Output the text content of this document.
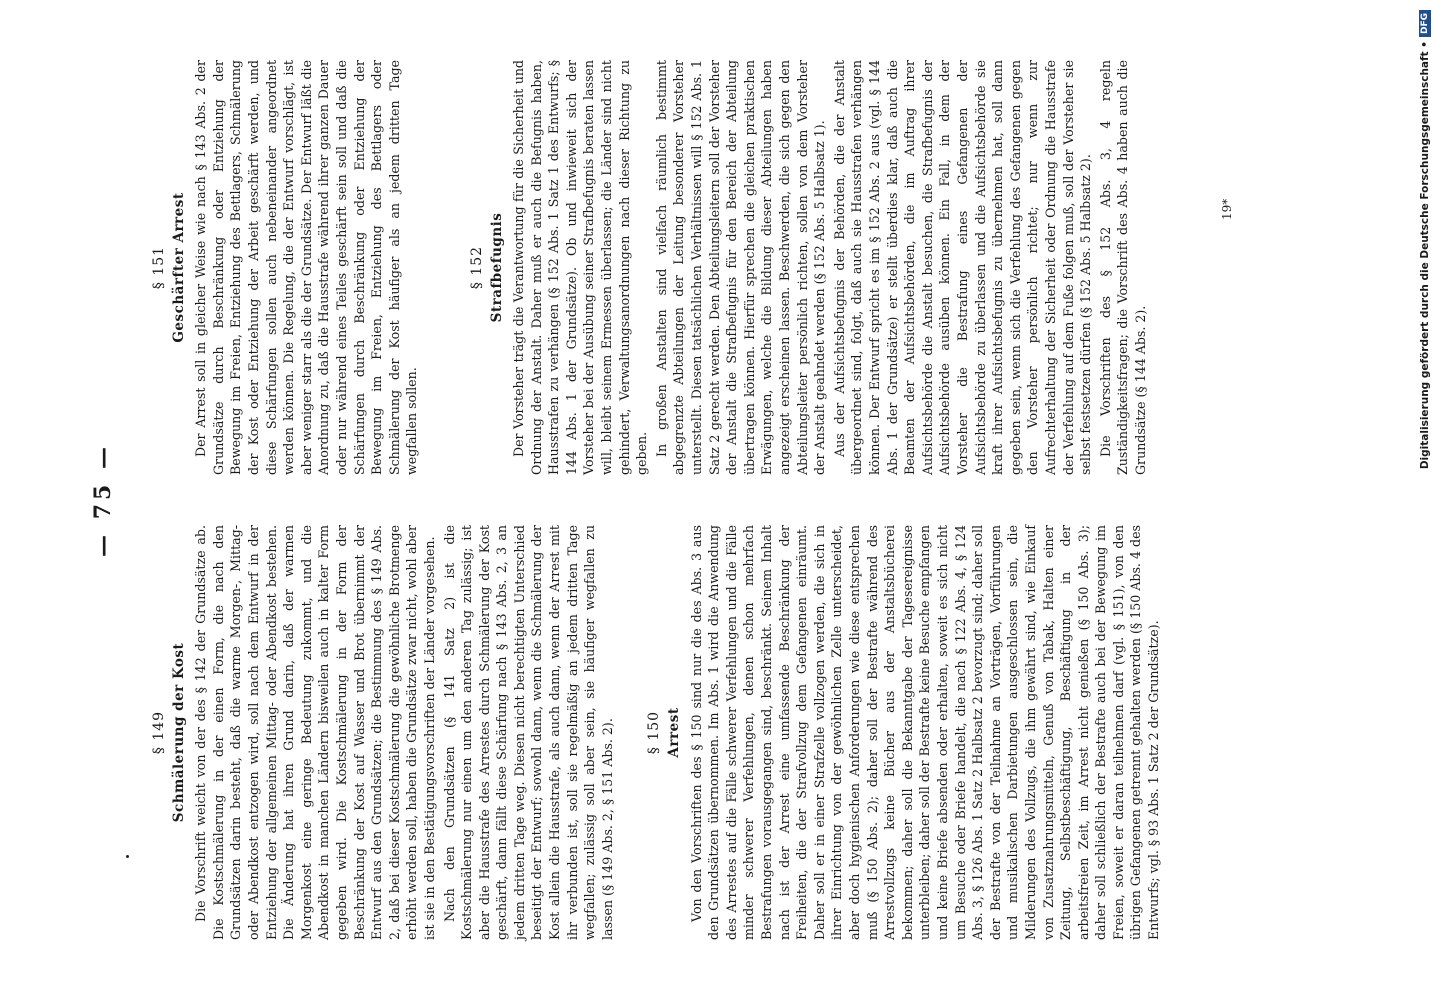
— 75 —
§ 149 Schmälerung der Kost Die Vorschrift weicht von der des § 142 der Grundsätze ab. Die Kostschmälerung in der einen Form, die nach den Grundsätzen darin besteht, daß die warme Morgen-, Mittag- oder Abendkost entzogen wird, soll nach dem Entwurf in der Entziehung der allgemeinen Mittag- oder Abendkost bestehen. Die Änderung hat ihren Grund darin, daß der warmen Morgenkost eine geringe Bedeutung zukommt, und die Abendkost in manchen Ländern bisweilen auch in kalter Form gegeben wird. Die Kostschmälerung in der Form der Beschränkung der Kost auf Wasser und Brot übernimmt der Entwurf aus den Grundsätzen; die Bestimmung des § 149 Abs. 2, daß bei dieser Kostschmälerung die gewöhnliche Brotmenge erhöht werden soll, haben die Grundsätze zwar nicht, wohl aber ist sie in den Bestätigungsvorschriften der Länder vorgesehen. Nach den Grundsätzen (§ 141 Satz 2) ist die Kostschmälerung nur einen um den anderen Tag zulässig; ist aber die Hausstrafe des Arrestes durch Schmälerung der Kost geschärft, dann fällt diese Schärfung nach § 143 Abs. 2, 3 an jedem dritten Tage weg. Diesen nicht berechtigten Unterschied beseitigt der Entwurf; sowohl dann, wenn die Schmälerung der Kost allein die Hausstrafe, als auch dann, wenn der Arrest mit ihr verbunden ist, soll sie regelmäßig an jedem dritten Tage wegfallen; zulässig soll aber sein, sie häufiger wegfallen zu lassen (§ 149 Abs. 2, § 151 Abs. 2). § 150 Arrest Von den Vorschriften des § 150 sind nur die des Abs. 3 aus den Grundsätzen übernommen. Im Abs. 1 wird die Anwendung des Arrestes auf die Fälle schwerer Verfehlungen und die Fälle minder schwerer Verfehlungen, denen schon mehrfach Bestrafungen vorausgegangen sind, beschränkt. Seinem Inhalt nach ist der Arrest eine umfassende Beschränkung der Freiheiten, die der Strafvollzug dem Gefangenen einräumt. Daher soll er in einer Strafzelle vollzogen werden, die sich in ihrer Einrichtung von der gewöhnlichen Zelle unterscheidet, aber doch hygienischen Anforderungen wie diese entsprechen muß (§ 150 Abs. 2); daher soll der Bestrafte während des Arrestvollzugs keine Bücher aus der Anstaltsbücherei bekommen; daher soll die Bekanntgabe der Tagesereignisse unterbleiben; daher soll der Bestrafte keine Besuche empfangen und keine Briefe absenden oder erhalten, soweit es sich nicht um Besuche oder Briefe handelt, die nach § 122 Abs. 4, § 124 Abs. 3, § 126 Abs. 1 Satz 2 Halbsatz 2 bevorzugt sind; daher soll der Bestrafte von der Teilnahme an Vorträgen, Vorführungen und musikalischen Darbietungen ausgeschlossen sein, die Milderungen des Vollzugs, die ihm gewährt sind, wie Einkauf von Zusatznahrungsmitteln, Genuß von Tabak, Halten einer Zeitung, Selbstbeschäftigung, Beschäftigung in der arbeitsfreien Zeit, im Arrest nicht genießen (§ 150 Abs. 3); daher soll schließlich der Bestrafte auch bei der Bewegung im Freien, soweit er daran teilnehmen darf (vgl. § 151), von den übrigen Gefangenen getrennt gehalten werden (§ 150 Abs. 4 des Entwurfs; vgl. § 93 Abs. 1 Satz 2 der Grundsätze).

§ 151 Geschärfter Arrest Der Arrest soll in gleicher Weise wie nach § 143 Abs. 2 der Grundsätze durch Beschränkung oder Entziehung der Bewegung im Freien, Entziehung des Bettlagers, Schmälerung der Kost oder Entziehung der Arbeit geschärft werden, und diese Schärfungen sollen auch nebeneinander angeordnet werden können. Die Regelung, die der Entwurf vorschlägt, ist aber weniger starr als die der Grundsätze. Der Entwurf läßt die Anordnung zu, daß die Hausstrafe während ihrer ganzen Dauer oder nur während eines Teiles geschärft sein soll und daß die Schärfungen durch Beschränkung oder Entziehung der Bewegung im Freien, Entziehung des Bettlagers oder Schmälerung der Kost häufiger als an jedem dritten Tage wegfallen sollen.

§ 152 Strafbefugnis Der Vorsteher trägt die Verantwortung für die Sicherheit und Ordnung der Anstalt. Daher muß er auch die Befugnis haben, Hausstrafen zu verhängen (§ 152 Abs. 1 Satz 1 des Entwurfs; § 144 Abs. 1 der Grundsätze). Ob und inwieweit sich der Vorsteher bei der Ausübung seiner Strafbefugnis beraten lassen will, bleibt seinem Ermessen überlassen; die Länder sind nicht gehindert, Verwaltungsanordnungen nach dieser Richtung zu geben. In großen Anstalten sind vielfach räumlich bestimmt abgegrenzte Abteilungen der Leitung besonderer Vorsteher unterstellt. Diesen tatsächlichen Verhältnissen will § 152 Abs. 1 Satz 2 gerecht werden. Den Abteilungsleitern soll der Vorsteher der Anstalt die Strafbefugnis für den Bereich der Abteilung übertragen können. Hierfür sprechen die gleichen praktischen Erwägungen, welche die Bildung dieser Abteilungen haben angezeigt erscheinen lassen. Beschwerden, die sich gegen den Abteilungsleiter persönlich richten, sollen von dem Vorsteher der Anstalt geahndet werden (§ 152 Abs. 5 Halbsatz 1). Aus der Aufsichtsbefugnis der Behörden, die der Anstalt übergeordnet sind, folgt, daß auch sie Hausstrafen verhängen können. Der Entwurf spricht es im § 152 Abs. 2 aus (vgl. § 144 Abs. 1 der Grundsätze) er stellt überdies klar, daß auch die Beamten der Aufsichtsbehörden, die im Auftrag ihrer Aufsichtsbehörde die Anstalt besuchen, die Strafbefugnis der Aufsichtsbehörde ausüben können. Ein Fall, in dem der Vorsteher die Bestrafung eines Gefangenen der Aufsichtsbehörde zu überlassen und die Aufsichtsbehörde sie kraft ihrer Aufsichtsbefugnis zu übernehmen hat, soll dann gegeben sein, wenn sich die Verfehlung des Gefangenen gegen den Vorsteher persönlich richtet; nur wenn zur Aufrechterhaltung der Sicherheit oder Ordnung die Hausstrafe der Verfehlung auf dem Fuße folgen muß, soll der Vorsteher sie selbst festsetzen dürfen (§ 152 Abs. 5 Halbsatz 2). Die Vorschriften des § 152 Abs. 3, 4 regeln Zuständigkeitsfragen; die Vorschrift des Abs. 4 haben auch die Grundsätze (§ 144 Abs. 2).

19*	Digitalisierung gefördert durch die Deutsche Forschungsgemeinschaft •
DFG
